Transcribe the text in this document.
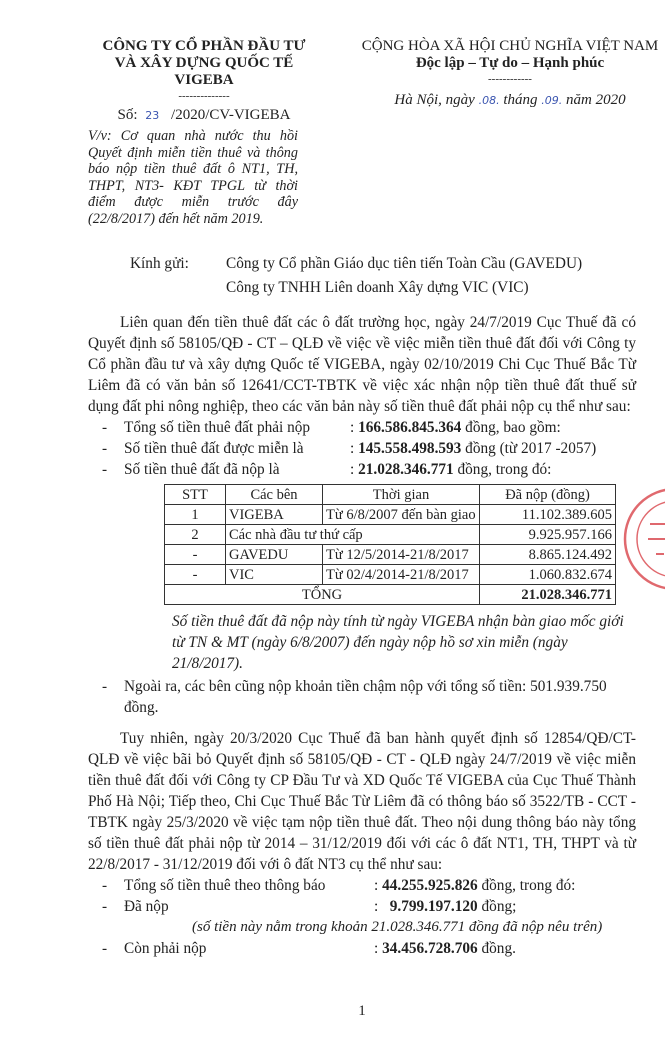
CÔNG TY CỔ PHẦN ĐẦU TƯ
VÀ XÂY DỰNG QUỐC TẾ VIGEBA
--------------
Số: 23 /2020/CV-VIGEBA
V/v: Cơ quan nhà nước thu hồi Quyết định miễn tiền thuê và thông báo nộp tiền thuê đất ô NT1, TH, THPT, NT3- KĐT TPGL từ thời điểm được miễn trước đây (22/8/2017) đến hết năm 2019.
CỘNG HÒA XÃ HỘI CHỦ NGHĨA VIỆT NAM
Độc lập – Tự do – Hạnh phúc
------------
Hà Nội, ngày .08. tháng .09. năm 2020
Kính gửi:	Công ty Cổ phần Giáo dục tiên tiến Toàn Cầu (GAVEDU)
Công ty TNHH Liên doanh Xây dựng VIC (VIC)

Liên quan đến tiền thuê đất các ô đất trường học, ngày 24/7/2019 Cục Thuế đã có Quyết định số 58105/QĐ - CT – QLĐ về việc về việc miễn tiền thuê đất đối với Công ty Cổ phần đầu tư và xây dựng Quốc tế VIGEBA, ngày 02/10/2019 Chi Cục Thuế Bắc Từ Liêm đã có văn bản số 12641/CCT-TBTK về việc xác nhận nộp tiền thuê đất thuế sử dụng đất phi nông nghiệp, theo các văn bản này số tiền thuê đất phải nộp cụ thể như sau:

-	Tổng số tiền thuê đất phải nộp	: 166.586.845.364 đồng, bao gồm:
-	Số tiền thuê đất được miễn là	: 145.558.498.593 đồng (từ 2017 -2057)
-	Số tiền thuê đất đã nộp là	: 21.028.346.771 đồng, trong đó:
STT	Các bên	Thời gian	Đã nộp (đồng)
1	VIGEBA	Từ 6/8/2007 đến bàn giao	11.102.389.605
2	Các nhà đầu tư thứ cấp		9.925.957.166
-	GAVEDU	Từ 12/5/2014-21/8/2017	8.865.124.492
-	VIC	Từ 02/4/2014-21/8/2017	1.060.832.674
TỔNG			21.028.346.771
Số tiền thuê đất đã nộp này tính từ ngày VIGEBA nhận bàn giao mốc giới từ TN & MT (ngày 6/8/2007) đến ngày nộp hồ sơ xin miễn (ngày 21/8/2017).
-	Ngoài ra, các bên cũng nộp khoản tiền chậm nộp với tổng số tiền: 501.939.750 đồng.

Tuy nhiên, ngày 20/3/2020 Cục Thuế đã ban hành quyết định số 12854/QĐ/CT-QLĐ về việc bãi bỏ Quyết định số 58105/QĐ - CT - QLĐ ngày 24/7/2019 về việc miễn tiền thuê đất đối với Công ty CP Đầu Tư và XD Quốc Tế VIGEBA của Cục Thuế Thành Phố Hà Nội; Tiếp theo, Chi Cục Thuế Bắc Từ Liêm đã có thông báo số 3522/TB - CCT - TBTK ngày 25/3/2020 về việc tạm nộp tiền thuê đất. Theo nội dung thông báo này tổng số tiền thuê đất phải nộp từ 2014 – 31/12/2019 đối với các ô đất NT1, TH, THPT và từ 22/8/2017 - 31/12/2019 đối với ô đất NT3 cụ thể như sau:

-	Tổng số tiền thuê theo thông báo	: 44.255.925.826 đồng, trong đó:
-	Đã nộp	:   9.799.197.120 đồng;
(số tiền này nằm trong khoản 21.028.346.771 đồng đã nộp nêu trên)
-	Còn phải nộp	: 34.456.728.706 đồng.
1
